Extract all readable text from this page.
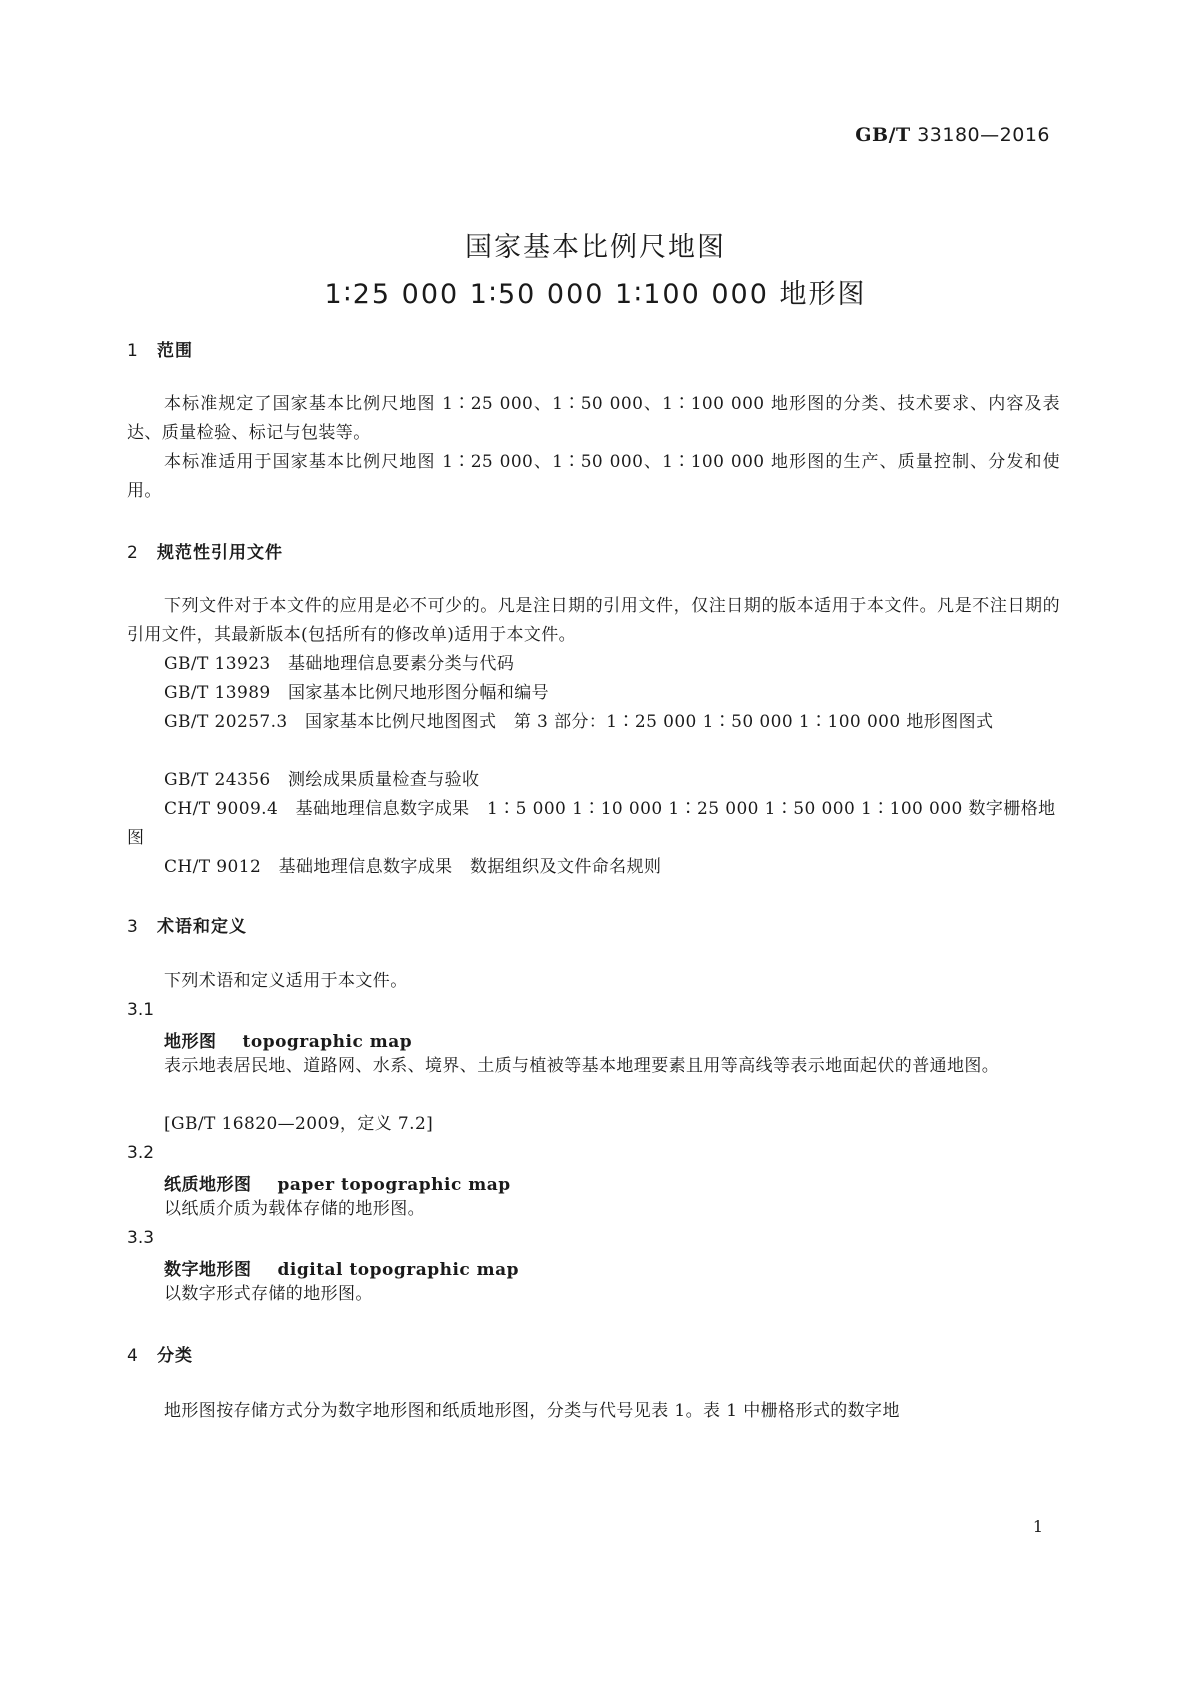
GB/T 33180—2016
国家基本比例尺地图
1∶25 000 1∶50 000 1∶100 000 地形图
1 范围
本标准规定了国家基本比例尺地图 1∶25 000、1∶50 000、1∶100 000 地形图的分类、技术要求、内容及表达、质量检验、标记与包装等。
本标准适用于国家基本比例尺地图 1∶25 000、1∶50 000、1∶100 000 地形图的生产、质量控制、分发和使用。
2 规范性引用文件
下列文件对于本文件的应用是必不可少的。凡是注日期的引用文件，仅注日期的版本适用于本文件。凡是不注日期的引用文件，其最新版本(包括所有的修改单)适用于本文件。
GB/T 13923　基础地理信息要素分类与代码
GB/T 13989　国家基本比例尺地形图分幅和编号
GB/T 20257.3　国家基本比例尺地图图式　第 3 部分：1∶25 000 1∶50 000 1∶100 000 地形图图式
GB/T 24356　测绘成果质量检查与验收
CH/T 9009.4　基础地理信息数字成果　1∶5 000 1∶10 000 1∶25 000 1∶50 000 1∶100 000 数字栅格地图
CH/T 9012　基础地理信息数字成果　数据组织及文件命名规则
3 术语和定义
下列术语和定义适用于本文件。
3.1
地形图 topographic map
表示地表居民地、道路网、水系、境界、土质与植被等基本地理要素且用等高线等表示地面起伏的普通地图。
[GB/T 16820—2009，定义 7.2]
3.2
纸质地形图 paper topographic map
以纸质介质为载体存储的地形图。
3.3
数字地形图 digital topographic map
以数字形式存储的地形图。
4 分类
地形图按存储方式分为数字地形图和纸质地形图，分类与代号见表 1。表 1 中栅格形式的数字地
1
